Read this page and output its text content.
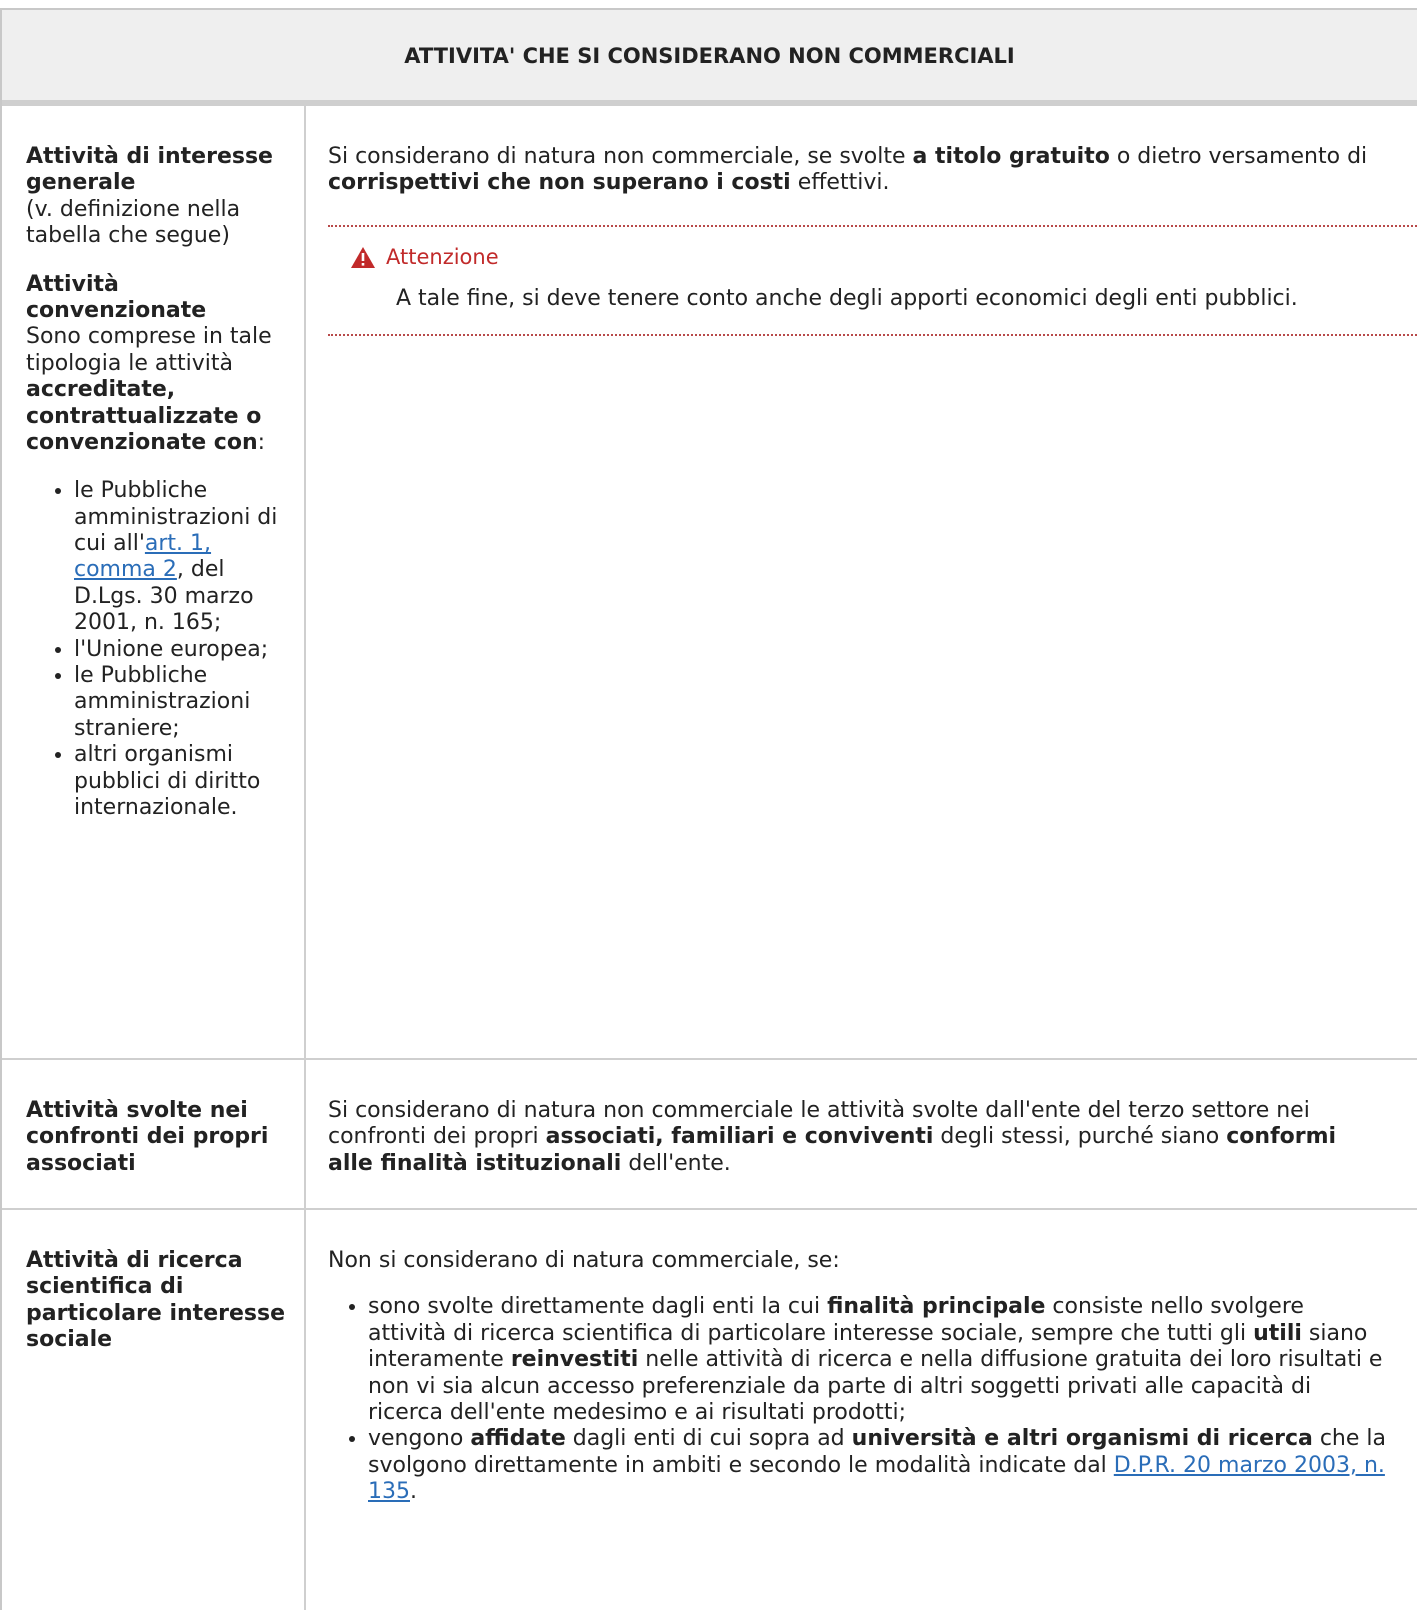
ATTIVITA' CHE SI CONSIDERANO NON COMMERCIALI
Attività di interesse generale
(v. definizione nella tabella che segue)
Attività convenzionate
Sono comprese in tale tipologia le attività accreditate, contrattualizzate o convenzionate con:
• le Pubbliche amministrazioni di cui all'art. 1, comma 2, del D.Lgs. 30 marzo 2001, n. 165;
• l'Unione europea;
• le Pubbliche amministrazioni straniere;
• altri organismi pubblici di diritto internazionale.
Si considerano di natura non commerciale, se svolte a titolo gratuito o dietro versamento di corrispettivi che non superano i costi effettivi.
Attenzione
A tale fine, si deve tenere conto anche degli apporti economici degli enti pubblici.
Attività svolte nei confronti dei propri associati
Si considerano di natura non commerciale le attività svolte dall'ente del terzo settore nei confronti dei propri associati, familiari e conviventi degli stessi, purché siano conformi alle finalità istituzionali dell'ente.
Attività di ricerca scientifica di particolare interesse sociale
Non si considerano di natura commerciale, se:
• sono svolte direttamente dagli enti la cui finalità principale consiste nello svolgere attività di ricerca scientifica di particolare interesse sociale, sempre che tutti gli utili siano interamente reinvestiti nelle attività di ricerca e nella diffusione gratuita dei loro risultati e non vi sia alcun accesso preferenziale da parte di altri soggetti privati alle capacità di ricerca dell'ente medesimo e ai risultati prodotti;
• vengono affidate dagli enti di cui sopra ad università e altri organismi di ricerca che la svolgono direttamente in ambiti e secondo le modalità indicate dal D.P.R. 20 marzo 2003, n. 135.
